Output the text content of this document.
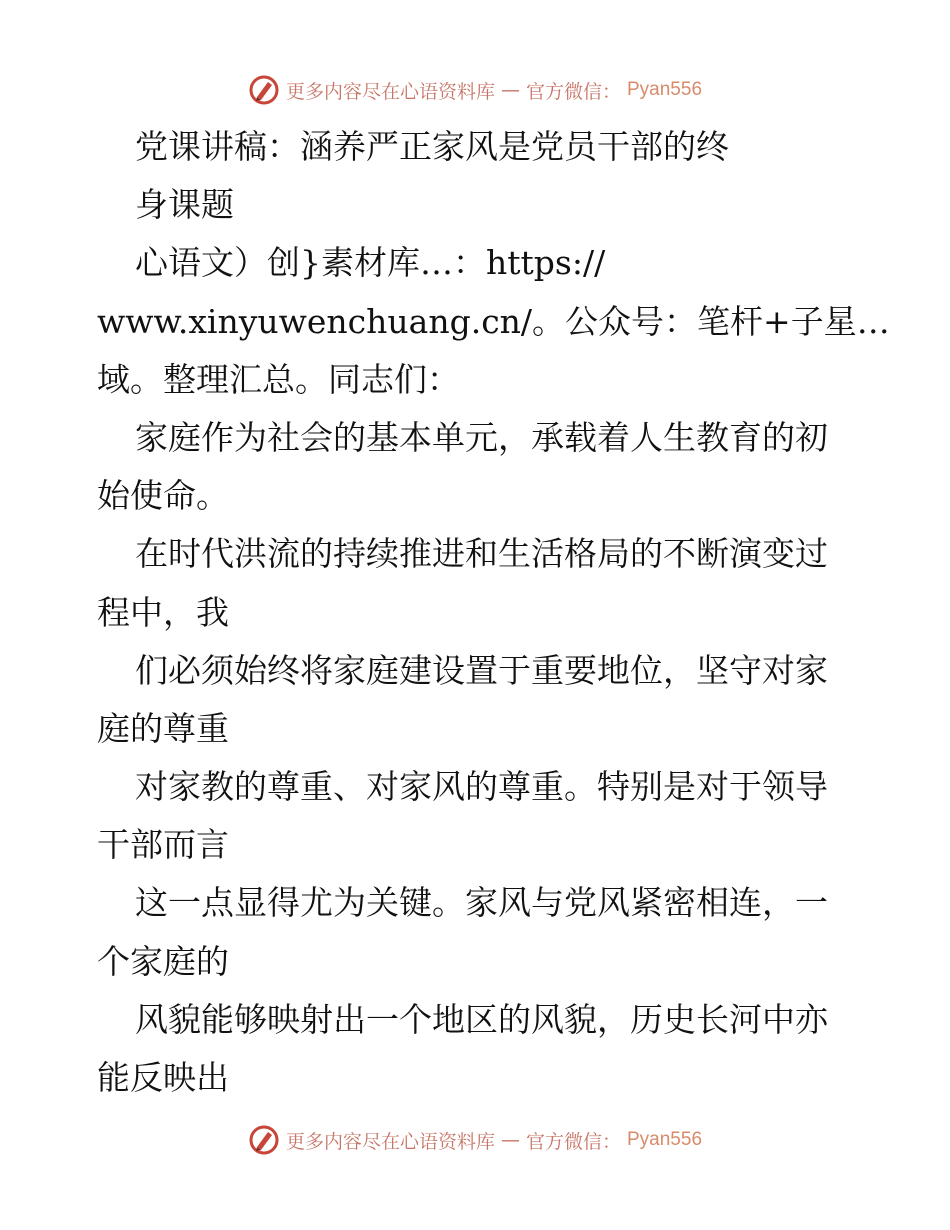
更多内容尽在心语资料库 — 官方微信： Pyan556
党课讲稿：涵养严正家风是党员干部的终
身课题
心语文）创}素材库…：https://
www.xinyuwenchuang.cn/。公众号：笔杆+子星…
域。整理汇总。同志们：
家庭作为社会的基本单元，承载着人生教育的初
始使命。
在时代洪流的持续推进和生活格局的不断演变过
程中，我
们必须始终将家庭建设置于重要地位，坚守对家
庭的尊重
对家教的尊重、对家风的尊重。特别是对于领导
干部而言
这一点显得尤为关键。家风与党风紧密相连，一
个家庭的
风貌能够映射出一个地区的风貌，历史长河中亦
能反映出
更多内容尽在心语资料库 — 官方微信： Pyan556
